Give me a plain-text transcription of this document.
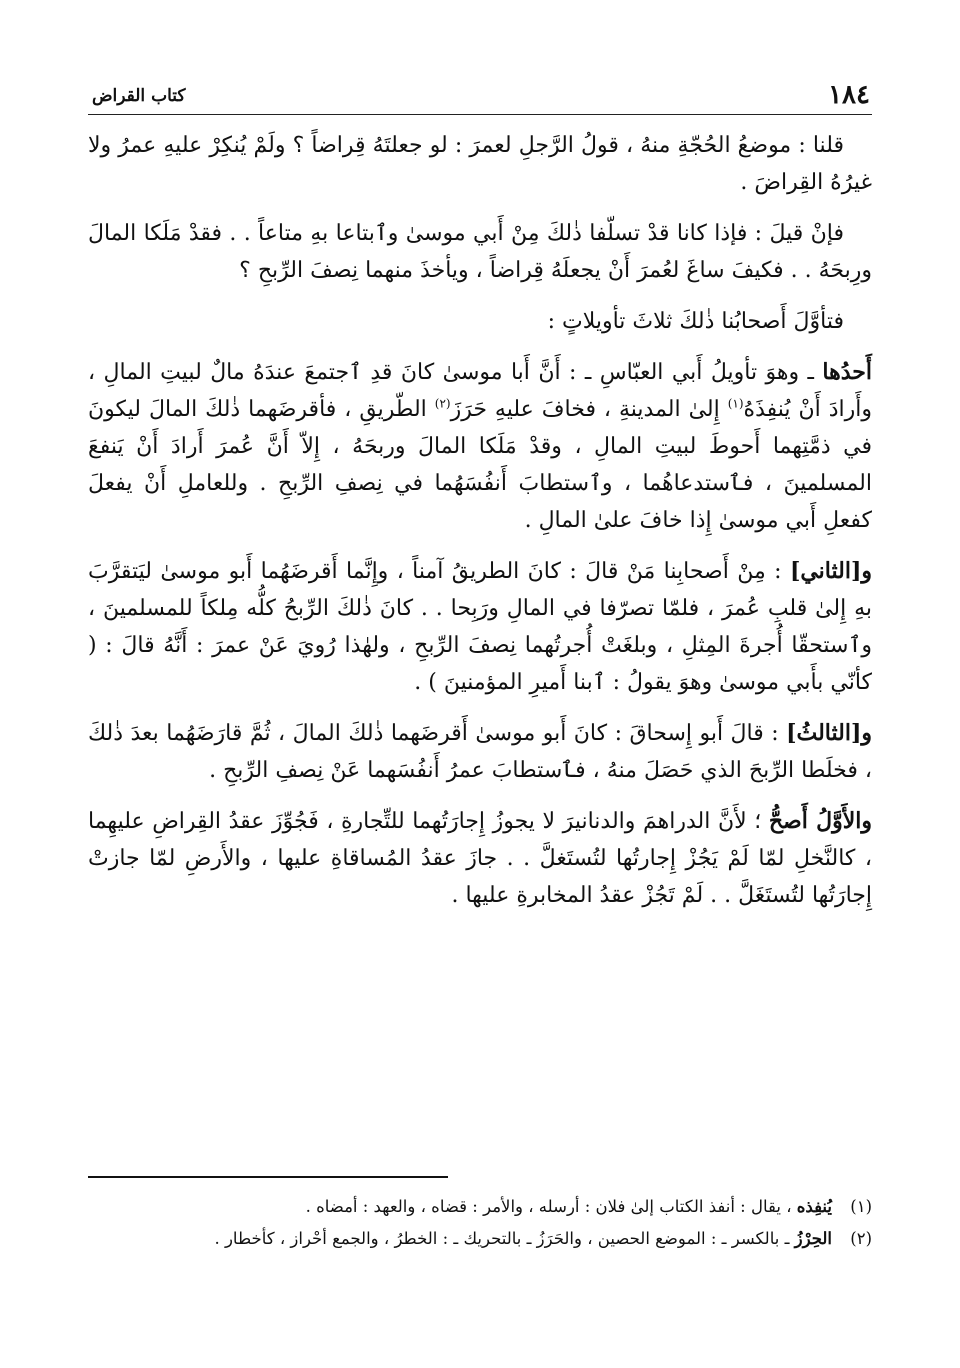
١٨٤
كتاب القراض

قلنا : موضعُ الحُجّةِ منهُ ، قولُ الرَّجلِ لعمرَ : لو جعلتَهُ قِراضاً ؟ ولَمْ يُنكِرْ عليهِ عمرُ ولا غيرُهُ القِراضَ .

فإنْ قيلَ : فإذا كانا قدْ تسلّفا ذٰلكَ مِنْ أَبي موسىٰ وٱبتاعا بهِ متاعاً . . فقدْ مَلَكا المالَ ورِبحَهُ . . فكيفَ ساغَ لعُمرَ أَنْ يجعلَهُ قِراضاً ، ويأخذَ منهما نِصفَ الرِّبحِ ؟

فتأوَّلَ أَصحابُنا ذٰلكَ ثلاثَ تأويلاتٍ :

أَحدُها ـ وهوَ تأويلُ أَبي العبّاسِ ـ : أَنَّ أَبا موسىٰ كانَ قدِ ٱجتمعَ عندَهُ مالٌ لبيتِ المالِ ، وأَرادَ أَنْ يُنفِذَهُ$^{(١)}$ إِلىٰ المدينةِ ، فخافَ عليهِ حَرَزَ$^{(٢)}$ الطّريقِ ، فأقرضَهما ذٰلكَ المالَ ليكونَ في ذمَّتِهما أَحوطَ لبيتِ المالِ ، وقدْ مَلَكا المالَ وربحَهُ ، إِلاّ أَنَّ عُمرَ أَرادَ أَنْ يَنفعَ المسلمينَ ، فٱستدعاهُما ، وٱستطابَ أَنفُسَهُما في نِصفِ الرِّبحِ . وللعاملِ أَنْ يفعلَ كفعلِ أَبي موسىٰ إِذا خافَ علىٰ المالِ .

و[الثاني] : مِنْ أَصحابِنا مَنْ قالَ : كانَ الطريقُ آمناً ، وإِنَّما أَقرضَهُما أَبو موسىٰ ليَتقرَّبَ بهِ إِلىٰ قلبِ عُمرَ ، فلمّا تصرّفا في المالِ ورَبِحا . . كانَ ذٰلكَ الرِّبحُ كلُّه مِلكاً للمسلمينَ ، وٱستحقّا أُجرةَ المِثلِ ، وبلغَتْ أُجرتُهما نِصفَ الرِّبحِ ، ولهٰذا رُويَ عَنْ عمرَ : أَنَّهُ قالَ : ( كأنّي بأَبي موسىٰ وهوَ يقولُ : ٱبنا أَميرِ المؤمنينَ ) .

و[الثالثُ] : قالَ أَبو إِسحاقَ : كانَ أَبو موسىٰ أَقرضَهما ذٰلكَ المالَ ، ثُمَّ قارَضَهُما بعدَ ذٰلكَ ، فخلَطا الرِّبحَ الذي حَصَلَ منهُ ، فٱستطابَ عمرُ أَنفُسَهما عَنْ نِصفِ الرِّبحِ .

والأَوَّلُ أَصحُّ ؛ لأَنَّ الدراهمَ والدنانيرَ لا يجوزُ إِجارَتُهما للتِّجارةِ ، فَجُوِّزَ عقدُ القِراضِ عليهِما ، كالنَّخلِ لمّا لَمْ يَجُزْ إِجارتُها لتُستَغلَّ . . جازَ عقدُ المُساقاةِ عليها ، والأَرضِ لمّا جازتْ إِجارَتُها لتُستَغَلَّ . . لَمْ تَجُزْ عقدُ المخابرةِ عليها .

(١)
يُنفِذه ، يقال : أنفذ الكتاب إلىٰ فلان : أرسله ، والأمر : قضاه ، والعهد : أمضاه .
(٢)
الحِرْزُ ـ بالكسر ـ : الموضع الحصين ، والحَرَزُ ـ بالتحريك ـ : الخطرُ ، والجمع أحْراز ، كأخطار .
